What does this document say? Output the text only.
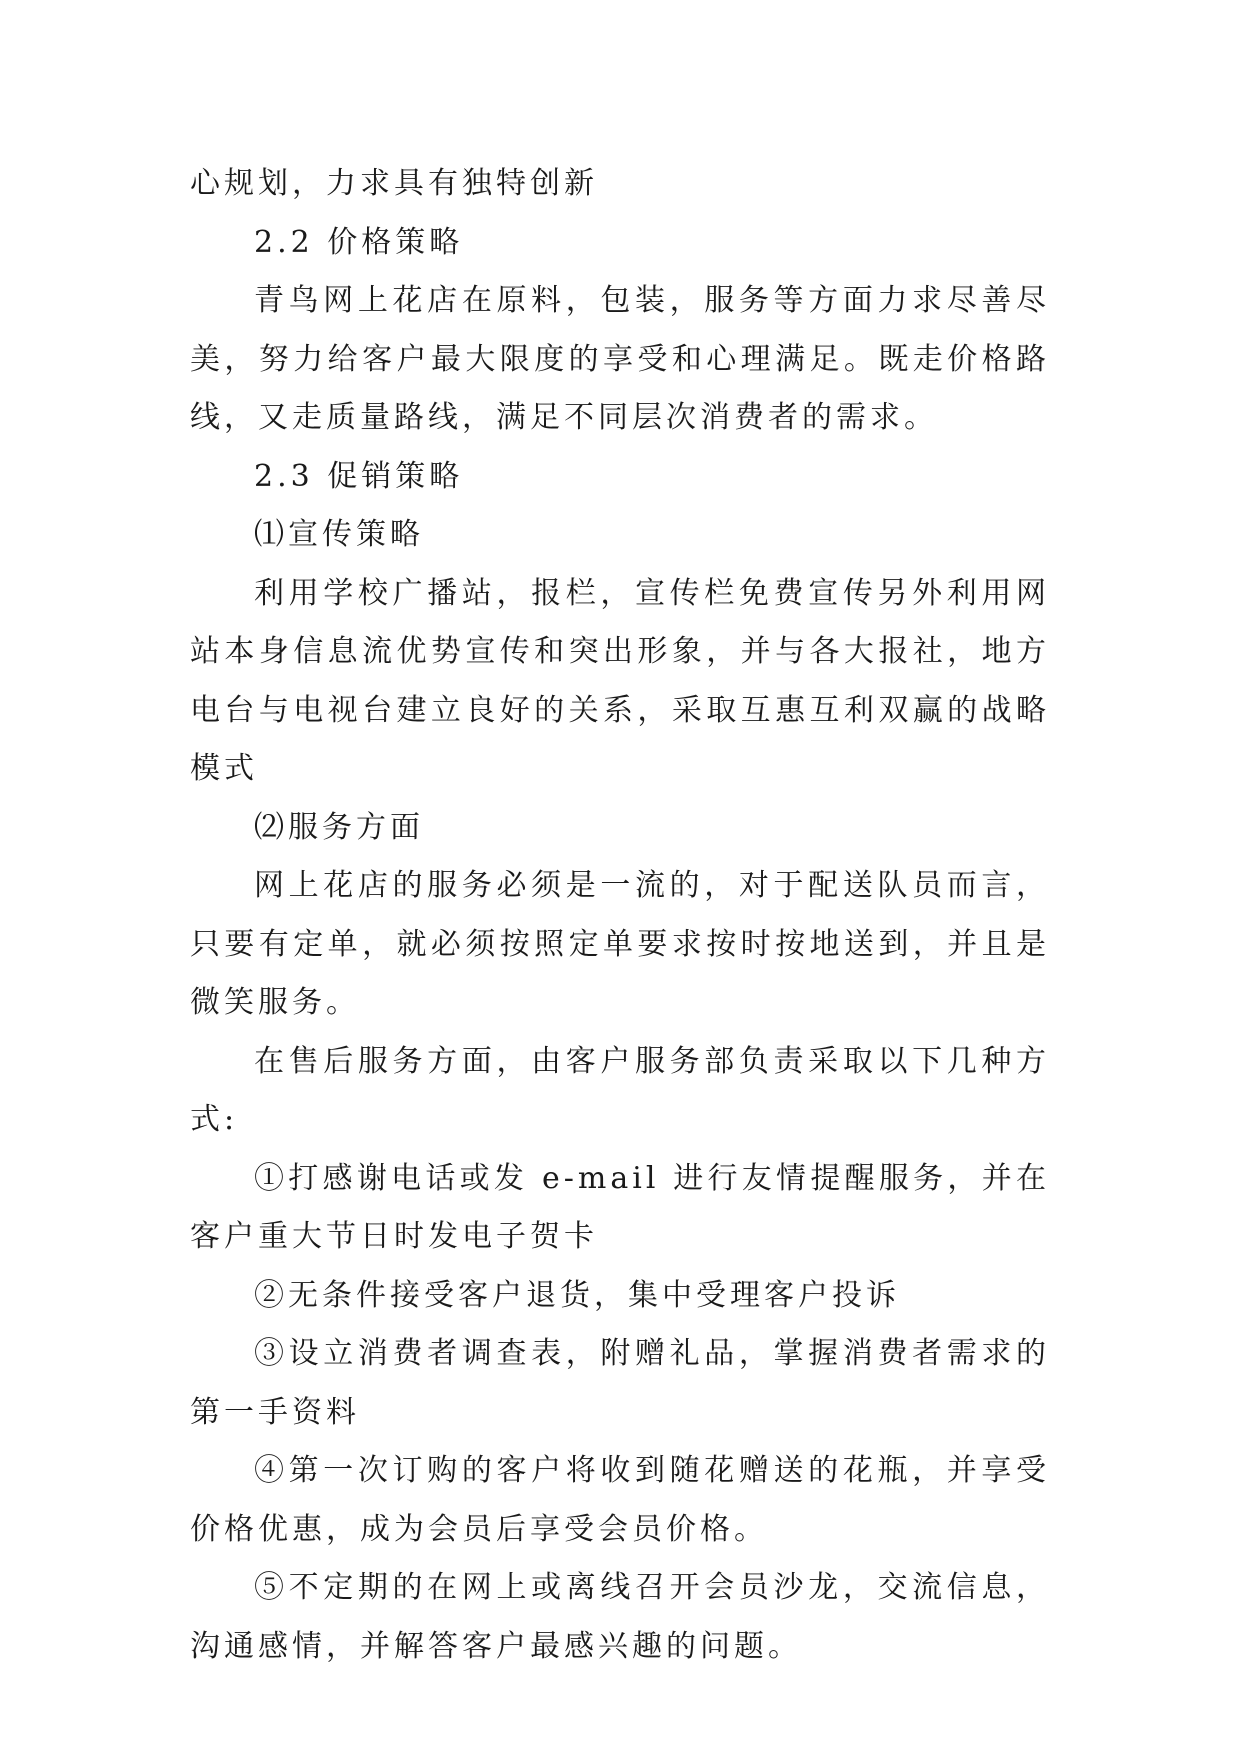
心规划，力求具有独特创新

2.2 价格策略

青鸟网上花店在原料，包装，服务等方面力求尽善尽美，努力给客户最大限度的享受和心理满足。既走价格路线，又走质量路线，满足不同层次消费者的需求。

2.3 促销策略

⑴宣传策略

利用学校广播站，报栏，宣传栏免费宣传另外利用网站本身信息流优势宣传和突出形象，并与各大报社，地方电台与电视台建立良好的关系，采取互惠互利双赢的战略模式

⑵服务方面

网上花店的服务必须是一流的，对于配送队员而言，只要有定单，就必须按照定单要求按时按地送到，并且是微笑服务。

在售后服务方面，由客户服务部负责采取以下几种方式:

①打感谢电话或发 e-mail 进行友情提醒服务，并在客户重大节日时发电子贺卡

②无条件接受客户退货，集中受理客户投诉

③设立消费者调查表，附赠礼品，掌握消费者需求的第一手资料

④第一次订购的客户将收到随花赠送的花瓶，并享受价格优惠，成为会员后享受会员价格。

⑤不定期的在网上或离线召开会员沙龙，交流信息，沟通感情，并解答客户最感兴趣的问题。
